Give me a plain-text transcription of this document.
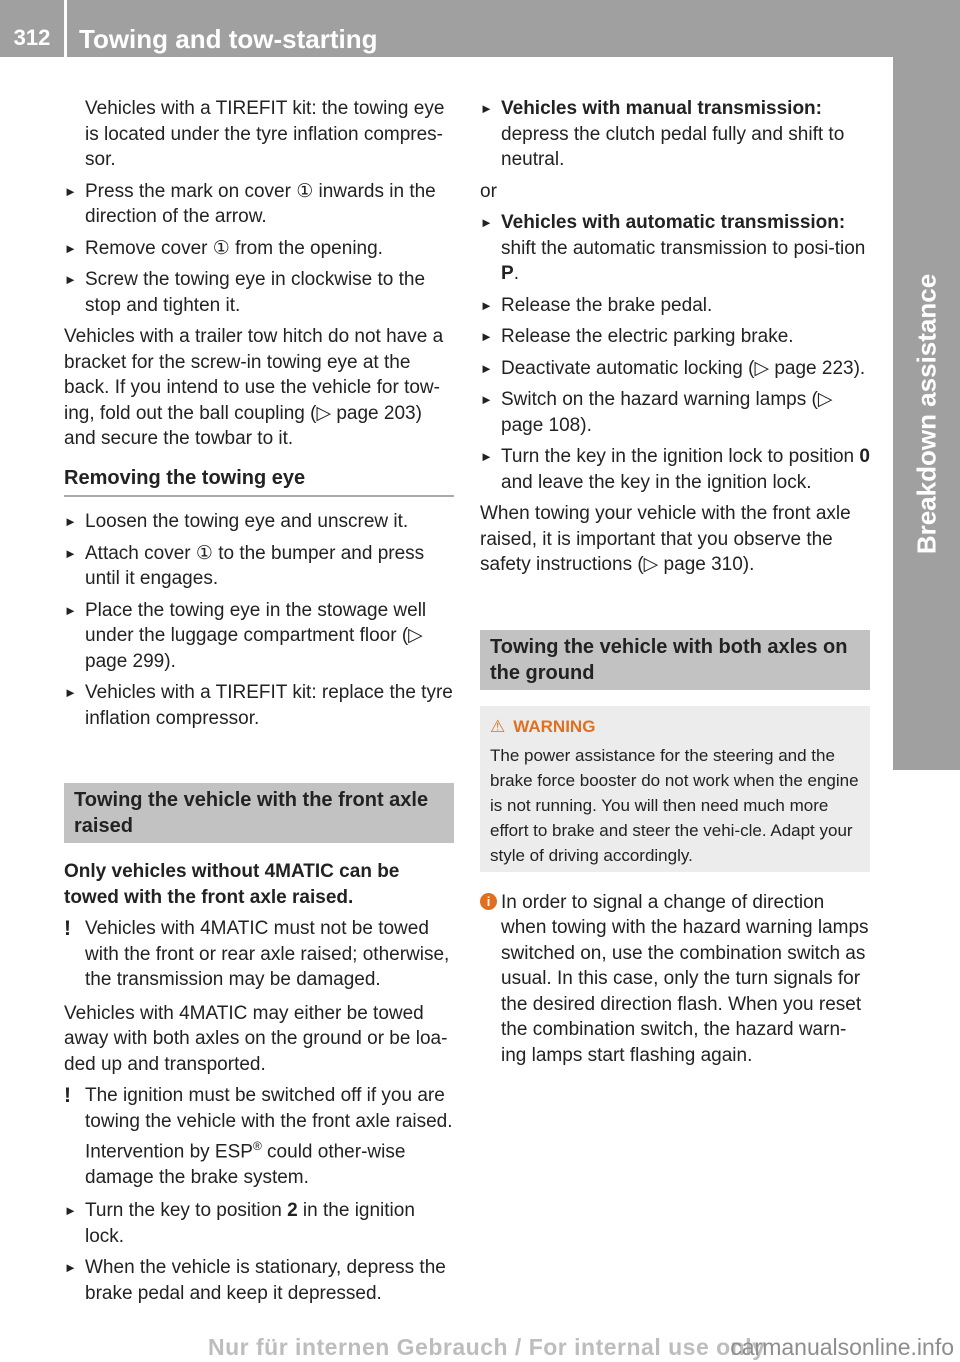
312	Towing and tow-starting
Breakdown assistance

Vehicles with a TIREFIT kit: the towing eye is located under the tyre inflation compres-sor.

► Press the mark on cover ① inwards in the direction of the arrow.
► Remove cover ① from the opening.
► Screw the towing eye in clockwise to the stop and tighten it.

Vehicles with a trailer tow hitch do not have a bracket for the screw-in towing eye at the back. If you intend to use the vehicle for tow-ing, fold out the ball coupling (▷ page 203) and secure the towbar to it.

Removing the towing eye
► Loosen the towing eye and unscrew it.
► Attach cover ① to the bumper and press until it engages.
► Place the towing eye in the stowage well under the luggage compartment floor (▷ page 299).
► Vehicles with a TIREFIT kit: replace the tyre inflation compressor.
Towing the vehicle with the front axle raised

Only vehicles without 4MATIC can be towed with the front axle raised.

! Vehicles with 4MATIC must not be towed with the front or rear axle raised; otherwise, the transmission may be damaged.

Vehicles with 4MATIC may either be towed away with both axles on the ground or be loa-ded up and transported.

! The ignition must be switched off if you are towing the vehicle with the front axle raised. Intervention by ESP® could other-wise damage the brake system.
► Turn the key to position 2 in the ignition lock.
► When the vehicle is stationary, depress the brake pedal and keep it depressed.
► Vehicles with manual transmission: depress the clutch pedal fully and shift to neutral.

or

► Vehicles with automatic transmission: shift the automatic transmission to posi-tion P.
► Release the brake pedal.
► Release the electric parking brake.
► Deactivate automatic locking (▷ page 223).
► Switch on the hazard warning lamps (▷ page 108).
► Turn the key in the ignition lock to position 0 and leave the key in the ignition lock.

When towing your vehicle with the front axle raised, it is important that you observe the safety instructions (▷ page 310).

Towing the vehicle with both axles on the ground
⚠ WARNING
The power assistance for the steering and the brake force booster do not work when the engine is not running. You will then need much more effort to brake and steer the vehi-cle. Adapt your style of driving accordingly.
i In order to signal a change of direction when towing with the hazard warning lamps switched on, use the combination switch as usual. In this case, only the turn signals for the desired direction flash. When you reset the combination switch, the hazard warn-ing lamps start flashing again.
Nur für internen Gebrauch / For internal use only
carmanualsonline.info
